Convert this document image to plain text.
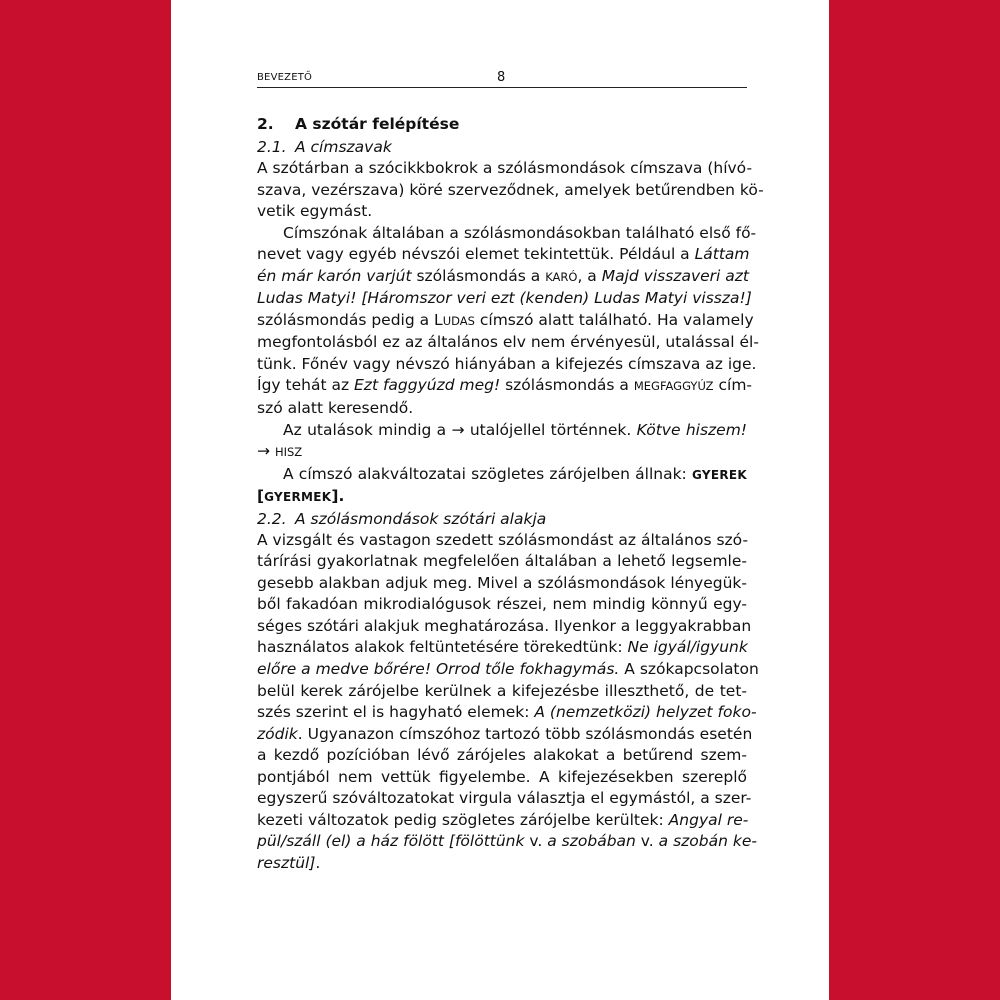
BEVEZETŐ	8
2. A szótár felépítése
2.1. A címszavak
A szótárban a szócikkbokrok a szólásmondások címszava (hívó-
szava, vezérszava) köré szerveződnek, amelyek betűrendben kö-
vetik egymást.
Címszónak általában a szólásmondásokban található első fő-
nevet vagy egyéb névszói elemet tekintettük. Például a Láttam
én már karón varjút szólásmondás a KARÓ, a Majd visszaveri azt
Ludas Matyi! [Háromszor veri ezt (kenden) Ludas Matyi vissza!]
szólásmondás pedig a LUDAS címszó alatt található. Ha valamely
megfontolásból ez az általános elv nem érvényesül, utalással él-
tünk. Főnév vagy névszó hiányában a kifejezés címszava az ige.
Így tehát az Ezt faggyúzd meg! szólásmondás a MEGFAGGYÚZ cím-
szó alatt keresendő.
Az utalások mindig a → utalójellel történnek. Kötve hiszem!
→ HISZ
A címszó alakváltozatai szögletes zárójelben állnak: GYEREK
[GYERMEK].
2.2. A szólásmondások szótári alakja
A vizsgált és vastagon szedett szólásmondást az általános szó-
tárírási gyakorlatnak megfelelően általában a lehető legsemle-
gesebb alakban adjuk meg. Mivel a szólásmondások lényegük-
ből fakadóan mikrodialógusok részei, nem mindig könnyű egy-
séges szótári alakjuk meghatározása. Ilyenkor a leggyakrabban
használatos alakok feltüntetésére törekedtünk: Ne igyál/igyunk
előre a medve bőrére! Orrod tőle fokhagymás. A szókapcsolaton
belül kerek zárójelbe kerülnek a kifejezésbe illeszthető, de tet-
szés szerint el is hagyható elemek: A (nemzetközi) helyzet foko-
zódik. Ugyanazon címszóhoz tartozó több szólásmondás esetén
a kezdő pozícióban lévő zárójeles alakokat a betűrend szem-
pontjából nem vettük figyelembe. A kifejezésekben szereplő
egyszerű szóváltozatokat virgula választja el egymástól, a szer-
kezeti változatok pedig szögletes zárójelbe kerültek: Angyal re-
pül/száll (el) a ház fölött [fölöttünk v. a szobában v. a szobán ke-
resztül].
